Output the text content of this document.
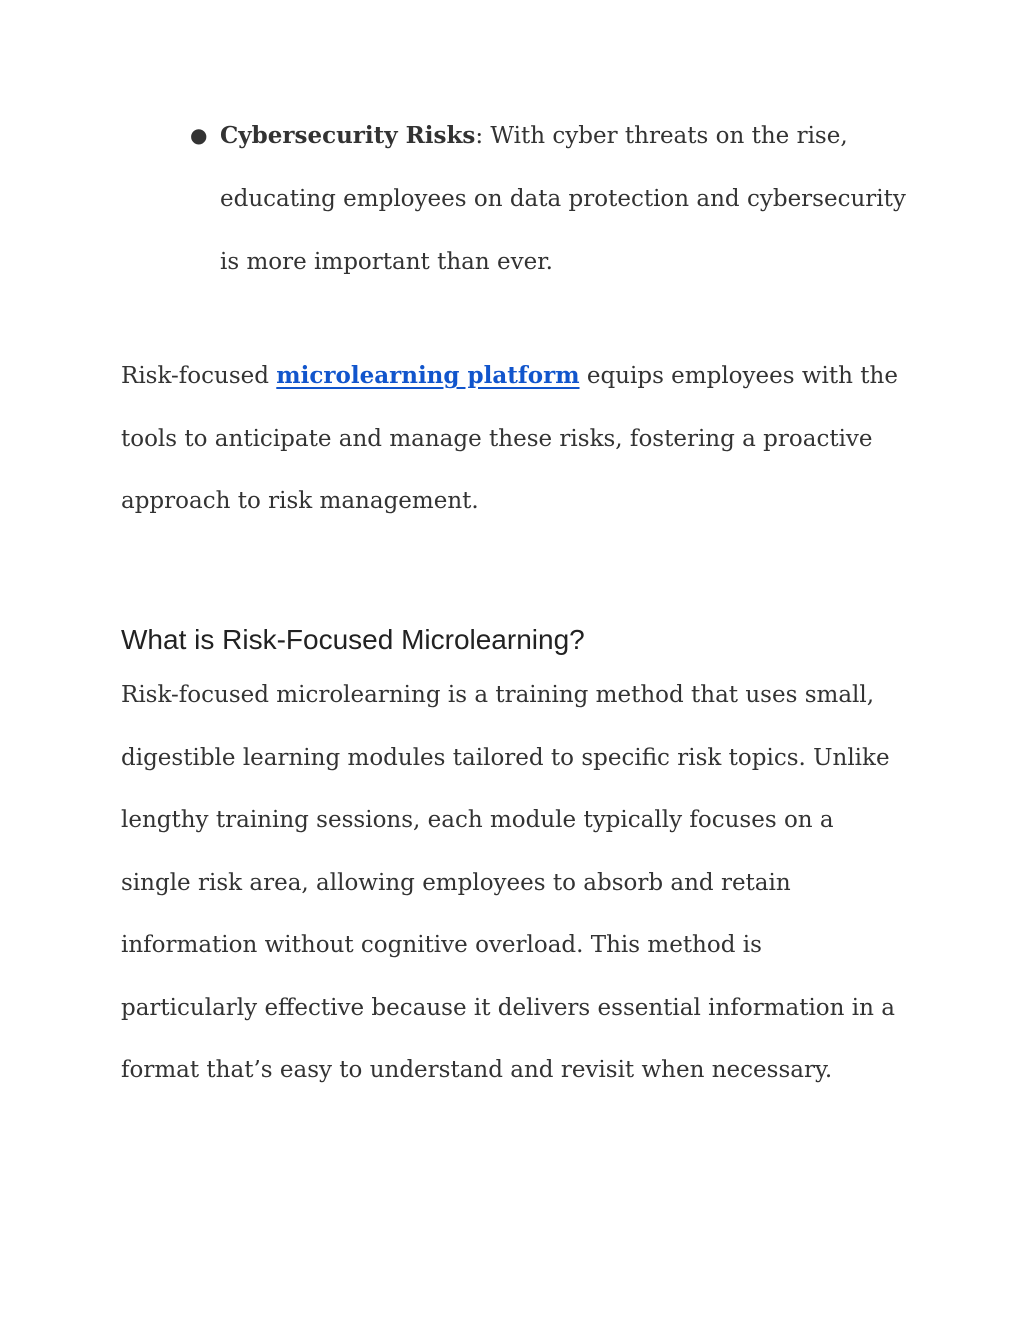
● Cybersecurity Risks: With cyber threats on the rise, educating employees on data protection and cybersecurity is more important than ever.

Risk-focused microlearning platform equips employees with the tools to anticipate and manage these risks, fostering a proactive approach to risk management.

What is Risk-Focused Microlearning?

Risk-focused microlearning is a training method that uses small, digestible learning modules tailored to specific risk topics. Unlike lengthy training sessions, each module typically focuses on a single risk area, allowing employees to absorb and retain information without cognitive overload. This method is particularly effective because it delivers essential information in a format that’s easy to understand and revisit when necessary.
